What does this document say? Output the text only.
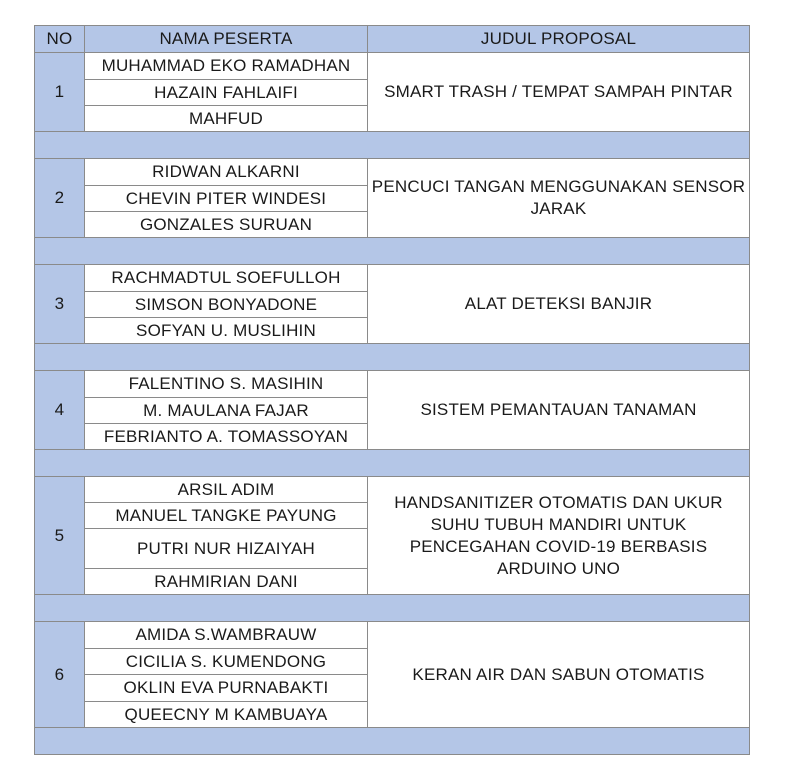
NO	NAMA PESERTA	JUDUL PROPOSAL
1	MUHAMMAD EKO RAMADHAN	SMART TRASH / TEMPAT SAMPAH PINTAR
	HAZAIN FAHLAIFI	
	MAHFUD	

2	RIDWAN ALKARNI	PENCUCI TANGAN MENGGUNAKAN SENSOR JARAK
	CHEVIN PITER WINDESI	
	GONZALES SURUAN	

3	RACHMADTUL SOEFULLOH	ALAT DETEKSI BANJIR
	SIMSON BONYADONE	
	SOFYAN U. MUSLIHIN	

4	FALENTINO S. MASIHIN	SISTEM PEMANTAUAN TANAMAN
	M. MAULANA FAJAR	
	FEBRIANTO A. TOMASSOYAN	

5	ARSIL ADIM	HANDSANITIZER OTOMATIS DAN UKUR SUHU TUBUH MANDIRI UNTUK PENCEGAHAN COVID-19 BERBASIS ARDUINO UNO
	MANUEL TANGKE PAYUNG	
	PUTRI NUR HIZAIYAH	
	RAHMIRIAN DANI	

6	AMIDA S.WAMBRAUW	KERAN AIR DAN SABUN OTOMATIS
	CICILIA S. KUMENDONG	
	OKLIN EVA PURNABAKTI	
	QUEECNY M KAMBUAYA	
